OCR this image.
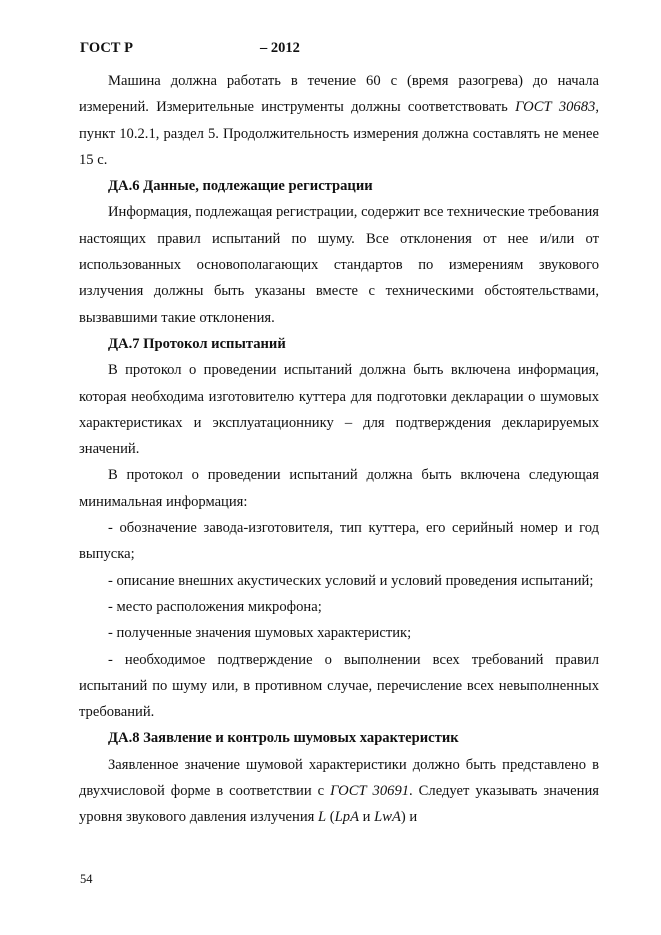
ГОСТ Р	– 2012

Машина должна работать в течение 60 с (время разогрева) до начала измерений. Измерительные инструменты должны соответствовать ГОСТ 30683, пункт 10.2.1, раздел 5. Продолжительность измерения должна составлять не менее 15 с.

ДА.6 Данные, подлежащие регистрации

Информация, подлежащая регистрации, содержит все технические требования настоящих правил испытаний по шуму. Все отклонения от нее и/или от использованных основополагающих стандартов по измерениям звукового излучения должны быть указаны вместе с техническими обстоятельствами, вызвавшими такие отклонения.

ДА.7 Протокол испытаний

В протокол о проведении испытаний должна быть включена информация, которая необходима изготовителю куттера для подготовки декларации о шумовых характеристиках и эксплуатационнику – для подтверждения декларируемых значений.

В протокол о проведении испытаний должна быть включена следующая минимальная информация:

- обозначение завода-изготовителя, тип куттера, его серийный номер и год выпуска;

- описание внешних акустических условий и условий проведения испытаний;

- место расположения микрофона;

- полученные значения шумовых характеристик;

- необходимое подтверждение о выполнении всех требований правил испытаний по шуму или, в противном случае, перечисление всех невыполненных требований.

ДА.8 Заявление и контроль шумовых характеристик

Заявленное значение шумовой характеристики должно быть представлено в двухчисловой форме в соответствии с ГОСТ 30691. Следует указывать значения уровня звукового давления излучения L (LpA и LwA) и

54
